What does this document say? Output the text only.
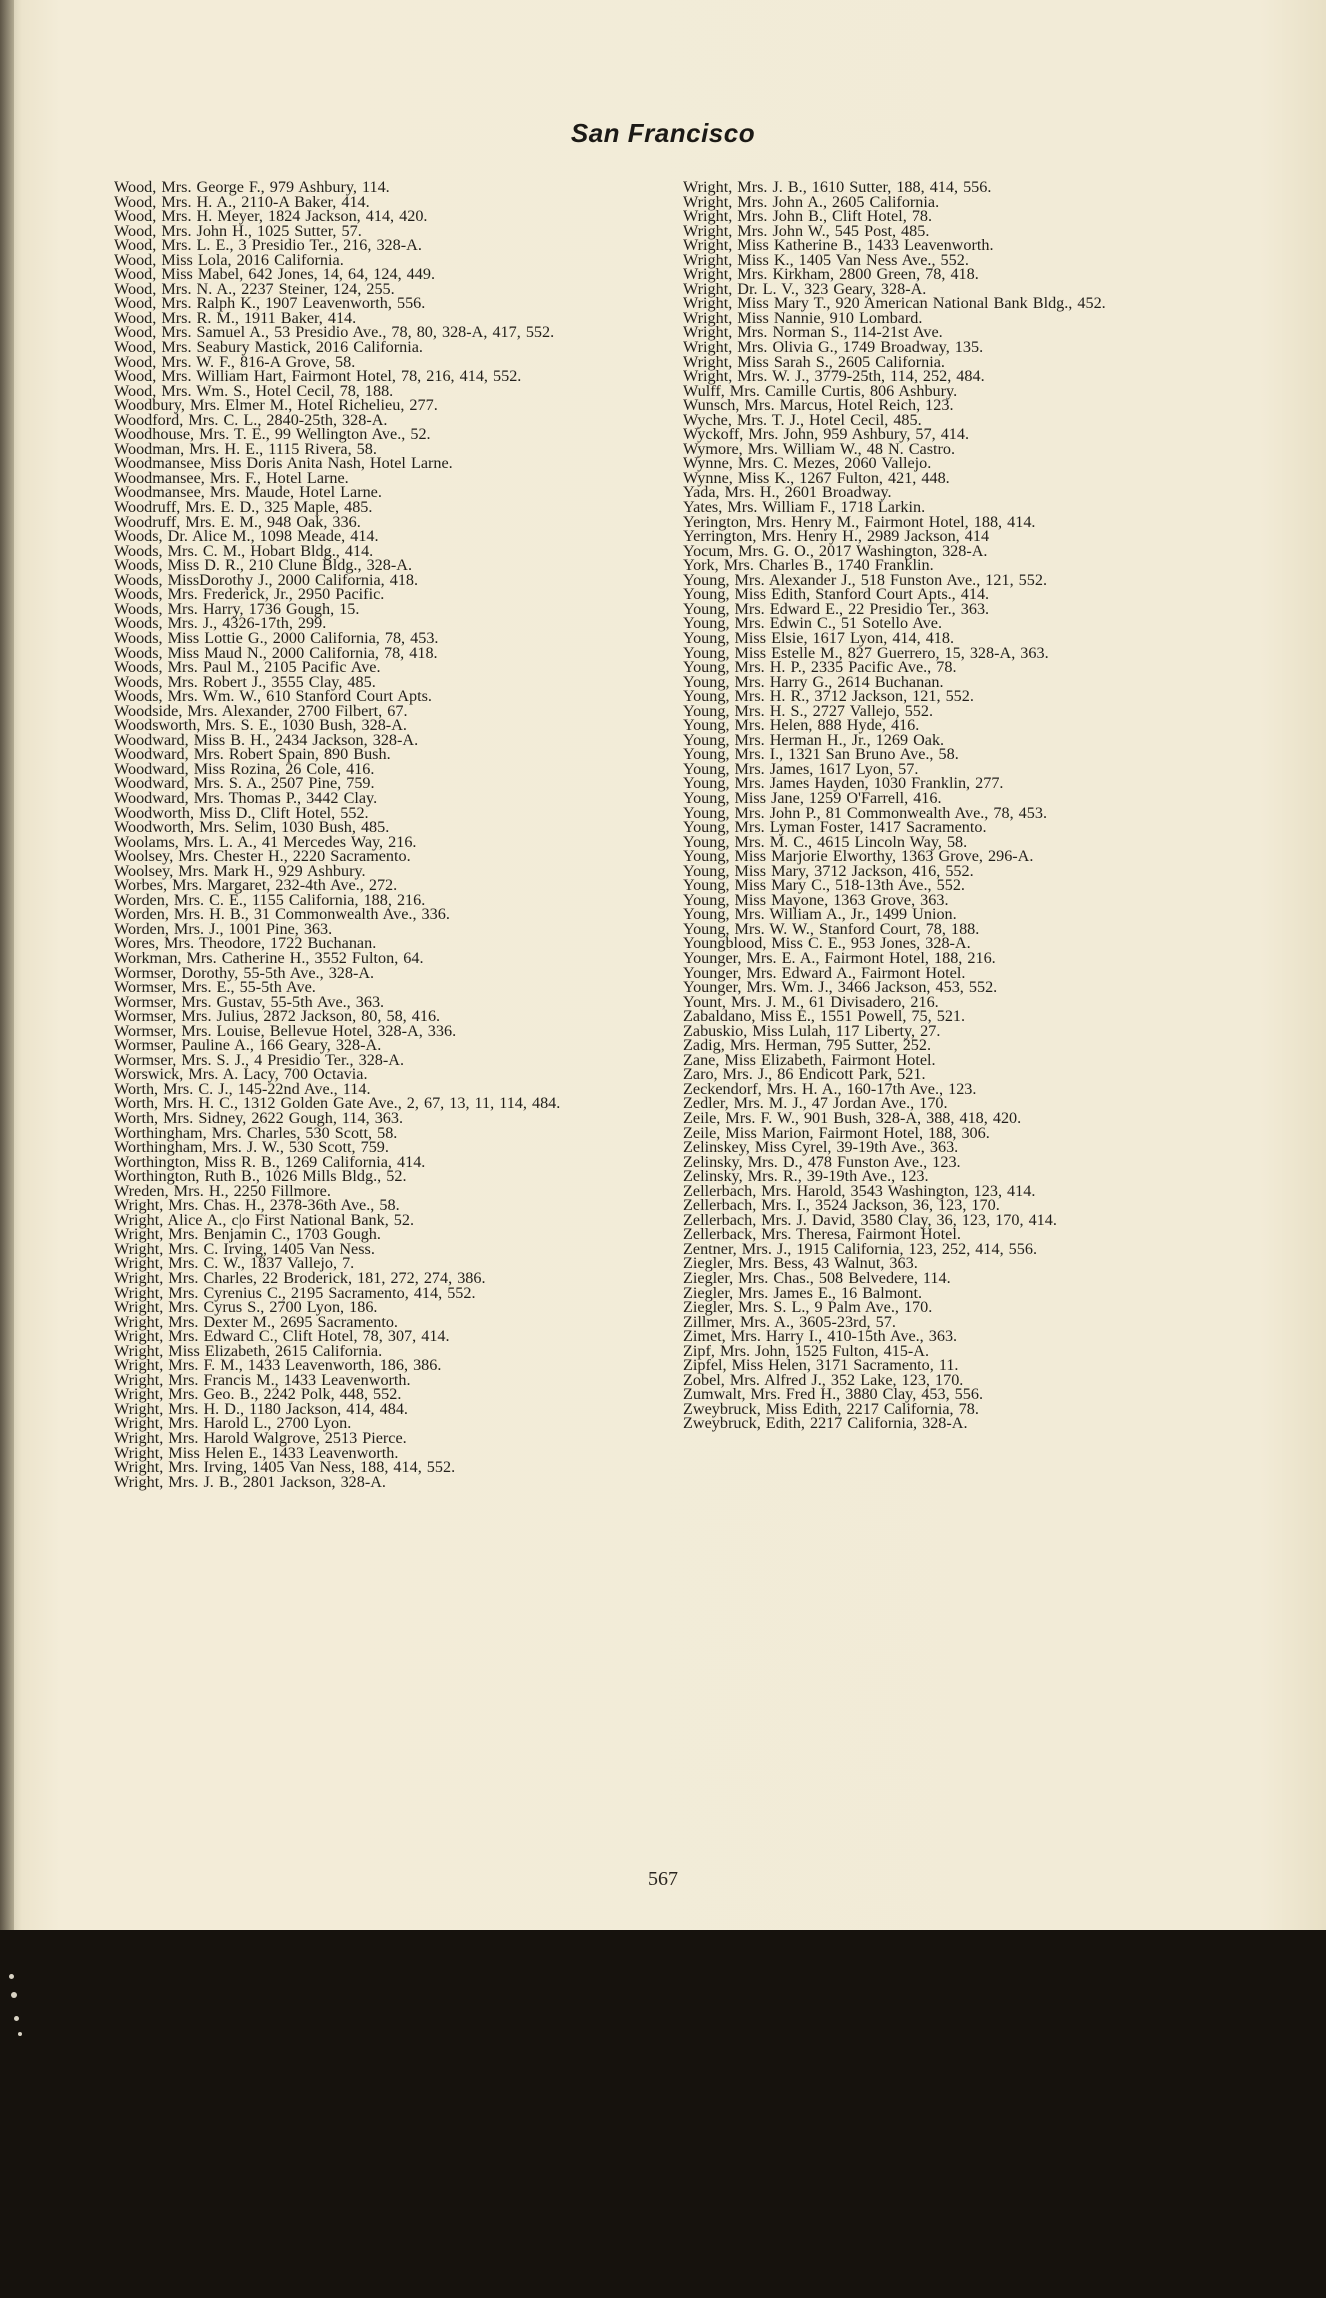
San Francisco

Wood, Mrs. George F., 979 Ashbury, 114.

Wood, Mrs. H. A., 2110-A Baker, 414.

Wood, Mrs. H. Meyer, 1824 Jackson, 414, 420.

Wood, Mrs. John H., 1025 Sutter, 57.

Wood, Mrs. L. E., 3 Presidio Ter., 216, 328-A.

Wood, Miss Lola, 2016 California.

Wood, Miss Mabel, 642 Jones, 14, 64, 124, 449.

Wood, Mrs. N. A., 2237 Steiner, 124, 255.

Wood, Mrs. Ralph K., 1907 Leavenworth, 556.

Wood, Mrs. R. M., 1911 Baker, 414.

Wood, Mrs. Samuel A., 53 Presidio Ave., 78, 80, 328-A, 417, 552.

Wood, Mrs. Seabury Mastick, 2016 California.

Wood, Mrs. W. F., 816-A Grove, 58.

Wood, Mrs. William Hart, Fairmont Hotel, 78, 216, 414, 552.

Wood, Mrs. Wm. S., Hotel Cecil, 78, 188.

Woodbury, Mrs. Elmer M., Hotel Richelieu, 277.

Woodford, Mrs. C. L., 2840-25th, 328-A.

Woodhouse, Mrs. T. E., 99 Wellington Ave., 52.

Woodman, Mrs. H. E., 1115 Rivera, 58.

Woodmansee, Miss Doris Anita Nash, Hotel Larne.

Woodmansee, Mrs. F., Hotel Larne.

Woodmansee, Mrs. Maude, Hotel Larne.

Woodruff, Mrs. E. D., 325 Maple, 485.

Woodruff, Mrs. E. M., 948 Oak, 336.

Woods, Dr. Alice M., 1098 Meade, 414.

Woods, Mrs. C. M., Hobart Bldg., 414.

Woods, Miss D. R., 210 Clune Bldg., 328-A.

Woods, MissDorothy J., 2000 California, 418.

Woods, Mrs. Frederick, Jr., 2950 Pacific.

Woods, Mrs. Harry, 1736 Gough, 15.

Woods, Mrs. J., 4326-17th, 299.

Woods, Miss Lottie G., 2000 California, 78, 453.

Woods, Miss Maud N., 2000 California, 78, 418.

Woods, Mrs. Paul M., 2105 Pacific Ave.

Woods, Mrs. Robert J., 3555 Clay, 485.

Woods, Mrs. Wm. W., 610 Stanford Court Apts.

Woodside, Mrs. Alexander, 2700 Filbert, 67.

Woodsworth, Mrs. S. E., 1030 Bush, 328-A.

Woodward, Miss B. H., 2434 Jackson, 328-A.

Woodward, Mrs. Robert Spain, 890 Bush.

Woodward, Miss Rozina, 26 Cole, 416.

Woodward, Mrs. S. A., 2507 Pine, 759.

Woodward, Mrs. Thomas P., 3442 Clay.

Woodworth, Miss D., Clift Hotel, 552.

Woodworth, Mrs. Selim, 1030 Bush, 485.

Woolams, Mrs. L. A., 41 Mercedes Way, 216.

Woolsey, Mrs. Chester H., 2220 Sacramento.

Woolsey, Mrs. Mark H., 929 Ashbury.

Worbes, Mrs. Margaret, 232-4th Ave., 272.

Worden, Mrs. C. E., 1155 California, 188, 216.

Worden, Mrs. H. B., 31 Commonwealth Ave., 336.

Worden, Mrs. J., 1001 Pine, 363.

Wores, Mrs. Theodore, 1722 Buchanan.

Workman, Mrs. Catherine H., 3552 Fulton, 64.

Wormser, Dorothy, 55-5th Ave., 328-A.

Wormser, Mrs. E., 55-5th Ave.

Wormser, Mrs. Gustav, 55-5th Ave., 363.

Wormser, Mrs. Julius, 2872 Jackson, 80, 58, 416.

Wormser, Mrs. Louise, Bellevue Hotel, 328-A, 336.

Wormser, Pauline A., 166 Geary, 328-A.

Wormser, Mrs. S. J., 4 Presidio Ter., 328-A.

Worswick, Mrs. A. Lacy, 700 Octavia.

Worth, Mrs. C. J., 145-22nd Ave., 114.

Worth, Mrs. H. C., 1312 Golden Gate Ave., 2, 67, 13, 11, 114, 484.

Worth, Mrs. Sidney, 2622 Gough, 114, 363.

Worthingham, Mrs. Charles, 530 Scott, 58.

Worthingham, Mrs. J. W., 530 Scott, 759.

Worthington, Miss R. B., 1269 California, 414.

Worthington, Ruth B., 1026 Mills Bldg., 52.

Wreden, Mrs. H., 2250 Fillmore.

Wright, Mrs. Chas. H., 2378-36th Ave., 58.

Wright, Alice A., c|o First National Bank, 52.

Wright, Mrs. Benjamin C., 1703 Gough.

Wright, Mrs. C. Irving, 1405 Van Ness.

Wright, Mrs. C. W., 1837 Vallejo, 7.

Wright, Mrs. Charles, 22 Broderick, 181, 272, 274, 386.

Wright, Mrs. Cyrenius C., 2195 Sacramento, 414, 552.

Wright, Mrs. Cyrus S., 2700 Lyon, 186.

Wright, Mrs. Dexter M., 2695 Sacramento.

Wright, Mrs. Edward C., Clift Hotel, 78, 307, 414.

Wright, Miss Elizabeth, 2615 California.

Wright, Mrs. F. M., 1433 Leavenworth, 186, 386.

Wright, Mrs. Francis M., 1433 Leavenworth.

Wright, Mrs. Geo. B., 2242 Polk, 448, 552.

Wright, Mrs. H. D., 1180 Jackson, 414, 484.

Wright, Mrs. Harold L., 2700 Lyon.

Wright, Mrs. Harold Walgrove, 2513 Pierce.

Wright, Miss Helen E., 1433 Leavenworth.

Wright, Mrs. Irving, 1405 Van Ness, 188, 414, 552.

Wright, Mrs. J. B., 2801 Jackson, 328-A.

Wright, Mrs. J. B., 1610 Sutter, 188, 414, 556.

Wright, Mrs. John A., 2605 California.

Wright, Mrs. John B., Clift Hotel, 78.

Wright, Mrs. John W., 545 Post, 485.

Wright, Miss Katherine B., 1433 Leavenworth.

Wright, Miss K., 1405 Van Ness Ave., 552.

Wright, Mrs. Kirkham, 2800 Green, 78, 418.

Wright, Dr. L. V., 323 Geary, 328-A.

Wright, Miss Mary T., 920 American National Bank Bldg., 452.

Wright, Miss Nannie, 910 Lombard.

Wright, Mrs. Norman S., 114-21st Ave.

Wright, Mrs. Olivia G., 1749 Broadway, 135.

Wright, Miss Sarah S., 2605 California.

Wright, Mrs. W. J., 3779-25th, 114, 252, 484.

Wulff, Mrs. Camille Curtis, 806 Ashbury.

Wunsch, Mrs. Marcus, Hotel Reich, 123.

Wyche, Mrs. T. J., Hotel Cecil, 485.

Wyckoff, Mrs. John, 959 Ashbury, 57, 414.

Wymore, Mrs. William W., 48 N. Castro.

Wynne, Mrs. C. Mezes, 2060 Vallejo.

Wynne, Miss K., 1267 Fulton, 421, 448.

Yada, Mrs. H., 2601 Broadway.

Yates, Mrs. William F., 1718 Larkin.

Yerington, Mrs. Henry M., Fairmont Hotel, 188, 414.

Yerrington, Mrs. Henry H., 2989 Jackson, 414

Yocum, Mrs. G. O., 2017 Washington, 328-A.

York, Mrs. Charles B., 1740 Franklin.

Young, Mrs. Alexander J., 518 Funston Ave., 121, 552.

Young, Miss Edith, Stanford Court Apts., 414.

Young, Mrs. Edward E., 22 Presidio Ter., 363.

Young, Mrs. Edwin C., 51 Sotello Ave.

Young, Miss Elsie, 1617 Lyon, 414, 418.

Young, Miss Estelle M., 827 Guerrero, 15, 328-A, 363.

Young, Mrs. H. P., 2335 Pacific Ave., 78.

Young, Mrs. Harry G., 2614 Buchanan.

Young, Mrs. H. R., 3712 Jackson, 121, 552.

Young, Mrs. H. S., 2727 Vallejo, 552.

Young, Mrs. Helen, 888 Hyde, 416.

Young, Mrs. Herman H., Jr., 1269 Oak.

Young, Mrs. I., 1321 San Bruno Ave., 58.

Young, Mrs. James, 1617 Lyon, 57.

Young, Mrs. James Hayden, 1030 Franklin, 277.

Young, Miss Jane, 1259 O'Farrell, 416.

Young, Mrs. John P., 81 Commonwealth Ave., 78, 453.

Young, Mrs. Lyman Foster, 1417 Sacramento.

Young, Mrs. M. C., 4615 Lincoln Way, 58.

Young, Miss Marjorie Elworthy, 1363 Grove, 296-A.

Young, Miss Mary, 3712 Jackson, 416, 552.

Young, Miss Mary C., 518-13th Ave., 552.

Young, Miss Mayone, 1363 Grove, 363.

Young, Mrs. William A., Jr., 1499 Union.

Young, Mrs. W. W., Stanford Court, 78, 188.

Youngblood, Miss C. E., 953 Jones, 328-A.

Younger, Mrs. E. A., Fairmont Hotel, 188, 216.

Younger, Mrs. Edward A., Fairmont Hotel.

Younger, Mrs. Wm. J., 3466 Jackson, 453, 552.

Yount, Mrs. J. M., 61 Divisadero, 216.

Zabaldano, Miss E., 1551 Powell, 75, 521.

Zabuskio, Miss Lulah, 117 Liberty, 27.

Zadig, Mrs. Herman, 795 Sutter, 252.

Zane, Miss Elizabeth, Fairmont Hotel.

Zaro, Mrs. J., 86 Endicott Park, 521.

Zeckendorf, Mrs. H. A., 160-17th Ave., 123.

Zedler, Mrs. M. J., 47 Jordan Ave., 170.

Zeile, Mrs. F. W., 901 Bush, 328-A, 388, 418, 420.

Zeile, Miss Marion, Fairmont Hotel, 188, 306.

Zelinskey, Miss Cyrel, 39-19th Ave., 363.

Zelinsky, Mrs. D., 478 Funston Ave., 123.

Zelinsky, Mrs. R., 39-19th Ave., 123.

Zellerbach, Mrs. Harold, 3543 Washington, 123, 414.

Zellerbach, Mrs. I., 3524 Jackson, 36, 123, 170.

Zellerbach, Mrs. J. David, 3580 Clay, 36, 123, 170, 414.

Zellerback, Mrs. Theresa, Fairmont Hotel.

Zentner, Mrs. J., 1915 California, 123, 252, 414, 556.

Ziegler, Mrs. Bess, 43 Walnut, 363.

Ziegler, Mrs. Chas., 508 Belvedere, 114.

Ziegler, Mrs. James E., 16 Balmont.

Ziegler, Mrs. S. L., 9 Palm Ave., 170.

Zillmer, Mrs. A., 3605-23rd, 57.

Zimet, Mrs. Harry I., 410-15th Ave., 363.

Zipf, Mrs. John, 1525 Fulton, 415-A.

Zipfel, Miss Helen, 3171 Sacramento, 11.

Zobel, Mrs. Alfred J., 352 Lake, 123, 170.

Zumwalt, Mrs. Fred H., 3880 Clay, 453, 556.

Zweybruck, Miss Edith, 2217 California, 78.

Zweybruck, Edith, 2217 California, 328-A.

567
